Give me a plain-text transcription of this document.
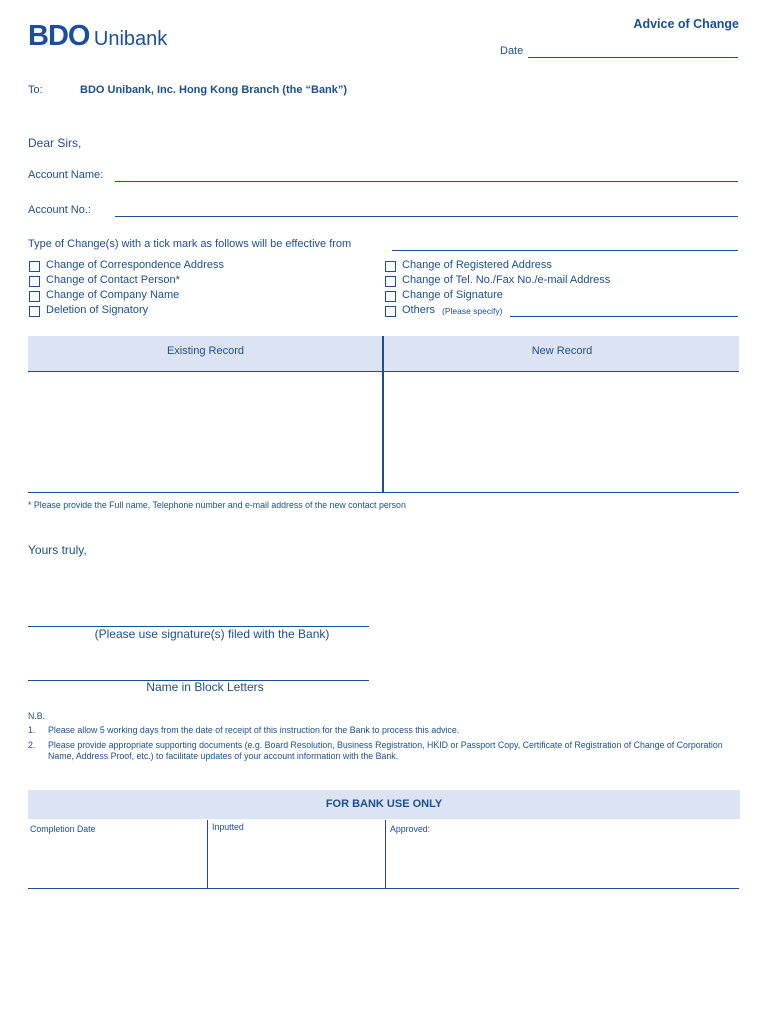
BDO Unibank
Advice of Change
Date
To:	BDO Unibank, Inc. Hong Kong Branch (the “Bank”)
Dear Sirs,
Account Name:
Account No.:
Type of Change(s) with a tick mark as follows will be effective from
Change of Correspondence Address
Change of Contact Person*
Change of Company Name
Deletion of Signatory
Change of Registered Address
Change of Tel. No./Fax No./e-mail Address
Change of Signature
Others (Please specify)
Existing Record	New Record
* Please provide the Full name, Telephone number and e-mail address of the new contact person
Yours truly,
(Please use signature(s) filed with the Bank)
Name in Block Letters
N.B.
1. Please allow 5 working days from the date of receipt of this instruction for the Bank to process this advice.
2. Please provide appropriate supporting documents (e.g. Board Resolution, Business Registration, HKID or Passport Copy, Certificate of Registration of Change of Corporation Name, Address Proof, etc.) to facilitate updates of your account information with the Bank.
FOR BANK USE ONLY
Completion Date	Inputted	Approved:
